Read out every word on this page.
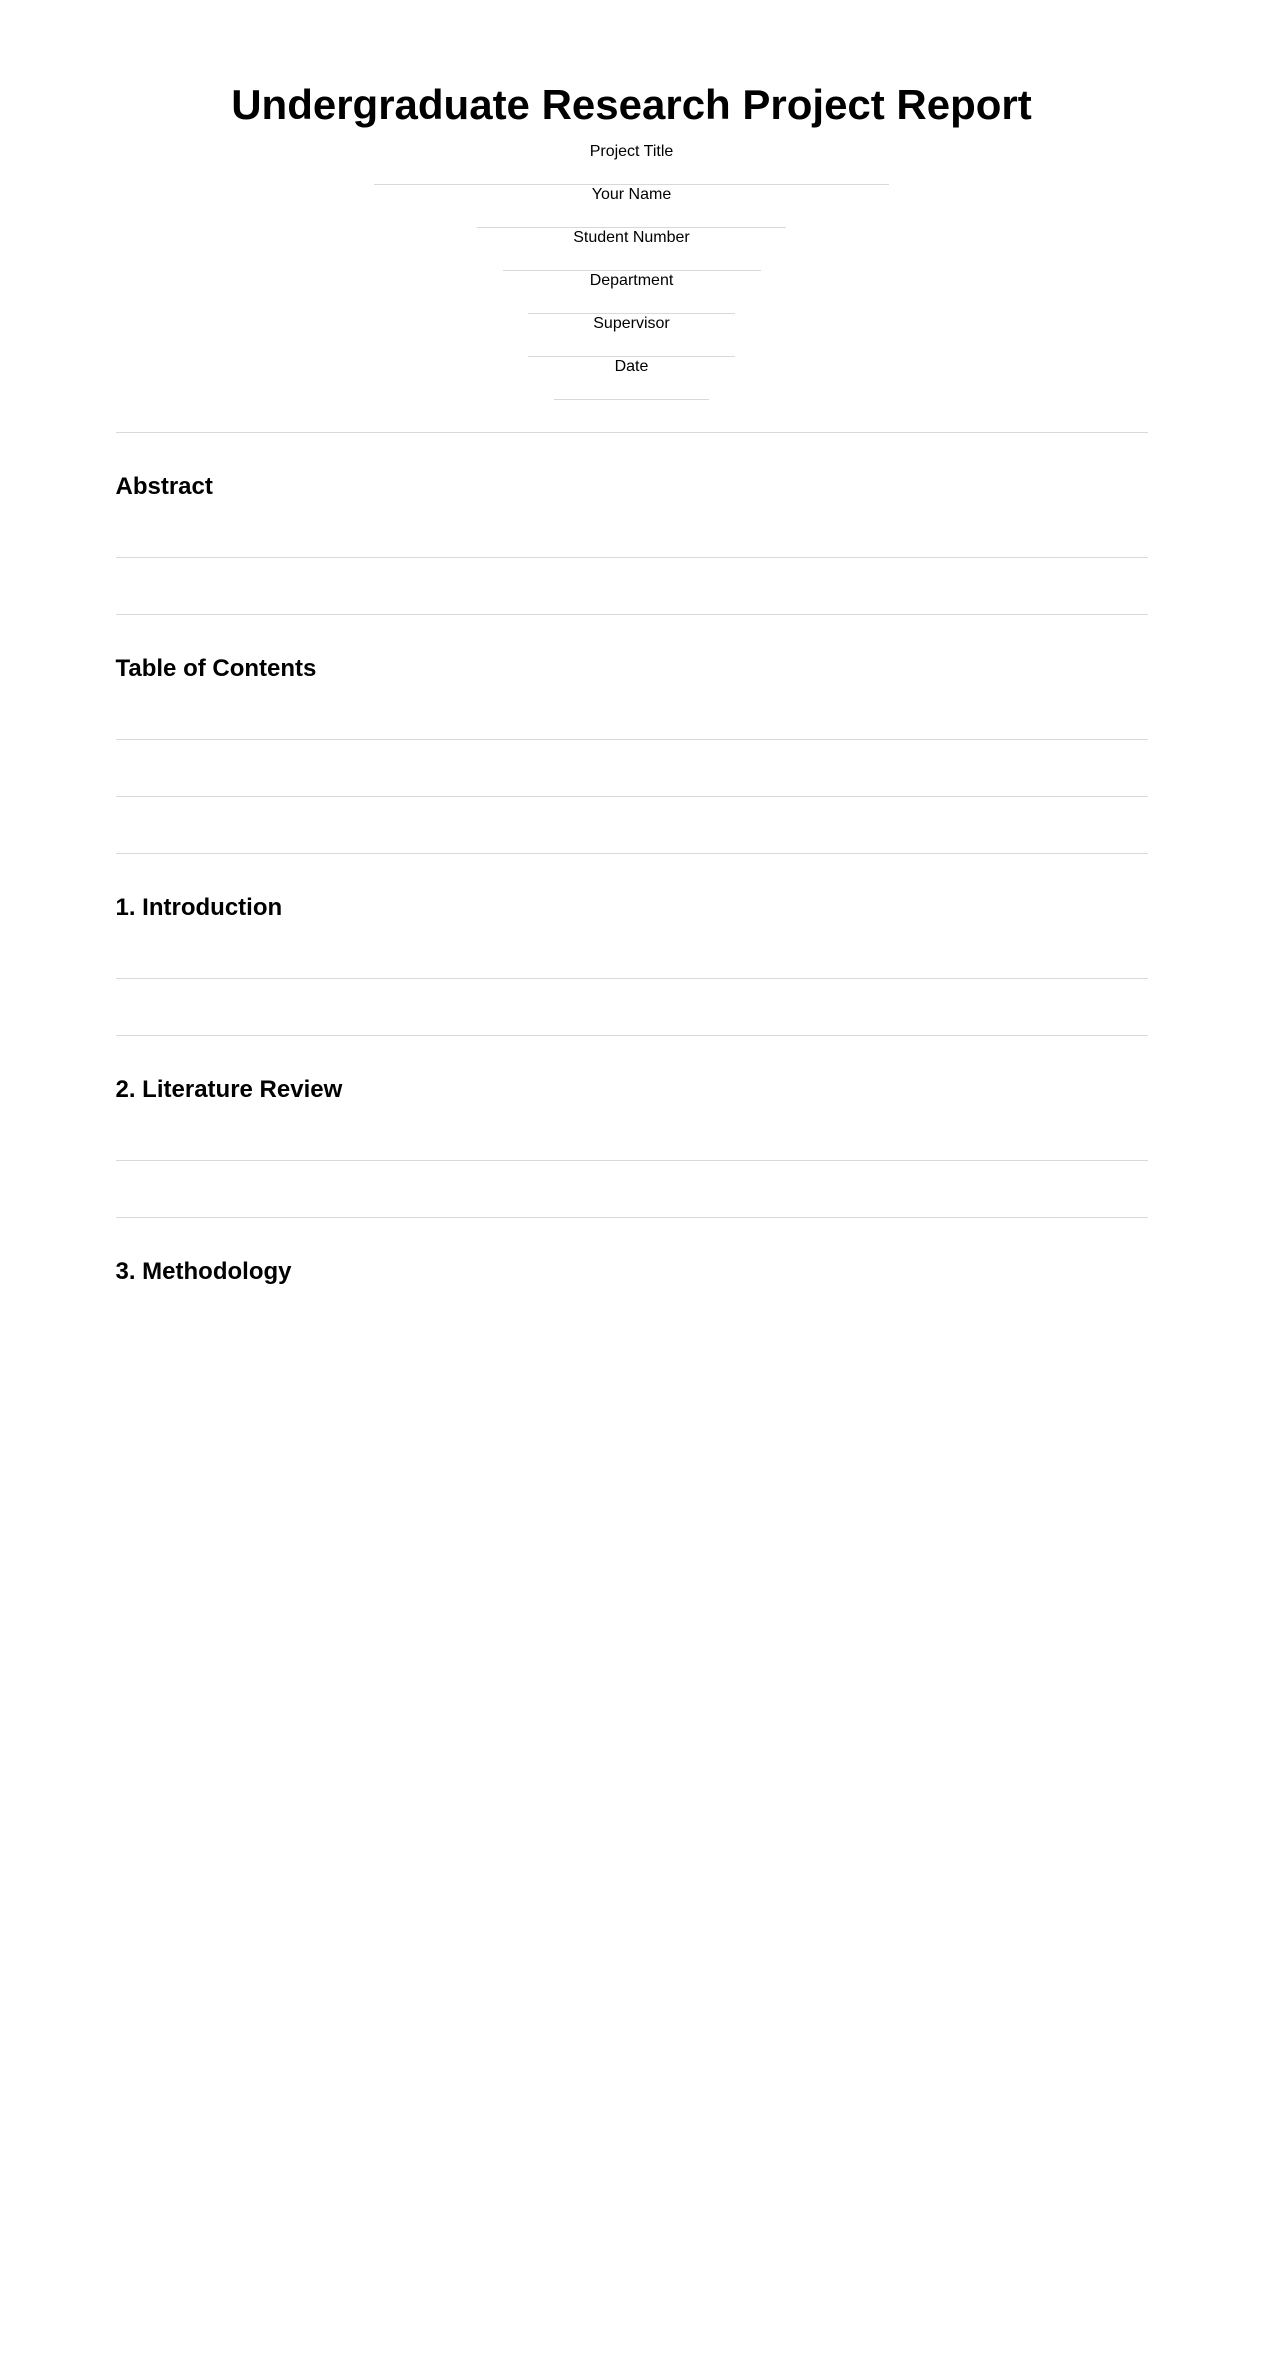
Undergraduate Research Project Report
Project Title
Your Name
Student Number
Department
Supervisor
Date
Abstract
Table of Contents
1. Introduction
2. Literature Review
3. Methodology
